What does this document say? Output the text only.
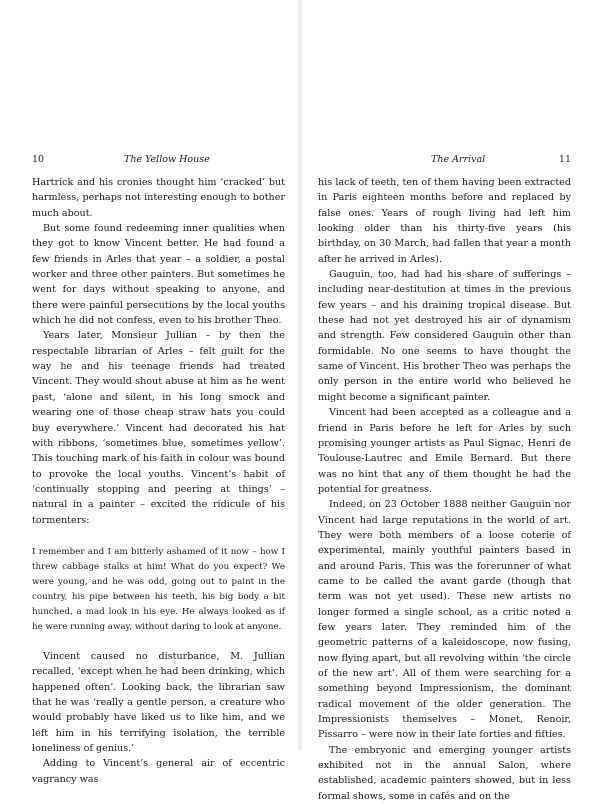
10	The Yellow House

Hartrick and his cronies thought him ‘cracked’ but harmless, perhaps not interesting enough to bother much about.

But some found redeeming inner qualities when they got to know Vincent better. He had found a few friends in Arles that year – a soldier, a postal worker and three other painters. But sometimes he went for days without speaking to anyone, and there were painful persecutions by the local youths which he did not confess, even to his brother Theo.

Years later, Monsieur Jullian – by then the respectable librarian of Arles – felt guilt for the way he and his teenage friends had treated Vincent. They would shout abuse at him as he went past, ‘alone and silent, in his long smock and wearing one of those cheap straw hats you could buy everywhere.’ Vincent had decorated his hat with ribbons, ‘sometimes blue, sometimes yellow’. This touching mark of his faith in colour was bound to provoke the local youths. Vincent’s habit of ‘continually stopping and peering at things’ – natural in a painter – excited the ridicule of his tormenters:

I remember and I am bitterly ashamed of it now – how I threw cabbage stalks at him! What do you expect? We were young, and he was odd, going out to paint in the country, his pipe between his teeth, his big body a bit hunched, a mad look in his eye. He always looked as if he were running away, without daring to look at anyone.

Vincent caused no disturbance, M. Jullian recalled, ‘except when he had been drinking, which happened often’. Looking back, the librarian saw that he was ‘really a gentle person, a creature who would probably have liked us to like him, and we left him in his terrifying isolation, the terrible loneliness of genius.’

Adding to Vincent’s general air of eccentric vagrancy was

The Arrival	11

his lack of teeth, ten of them having been extracted in Paris eighteen months before and replaced by false ones. Years of rough living had left him looking older than his thirty-five years (his birthday, on 30 March, had fallen that year a month after he arrived in Arles).

Gauguin, too, had had his share of sufferings – including near-destitution at times in the previous few years – and his draining tropical disease. But these had not yet destroyed his air of dynamism and strength. Few considered Gauguin other than formidable. No one seems to have thought the same of Vincent. His brother Theo was perhaps the only person in the entire world who believed he might become a significant painter.

Vincent had been accepted as a colleague and a friend in Paris before he left for Arles by such promising younger artists as Paul Signac, Henri de Toulouse-Lautrec and Emile Bernard. But there was no hint that any of them thought he had the potential for greatness.

Indeed, on 23 October 1888 neither Gauguin nor Vincent had large reputations in the world of art. They were both members of a loose coterie of experimental, mainly youthful painters based in and around Paris. This was the forerunner of what came to be called the avant garde (though that term was not yet used). These new artists no longer formed a single school, as a critic noted a few years later. They reminded him of the geometric patterns of a kaleidoscope, now fusing, now flying apart, but all revolving within ‘the circle of the new art’. All of them were searching for a something beyond Impressionism, the dominant radical movement of the older generation. The Impressionists themselves – Monet, Renoir, Pissarro – were now in their late forties and fifties.

The embryonic and emerging younger artists exhibited not in the annual Salon, where established, academic painters showed, but in less formal shows, some in cafés and on the
